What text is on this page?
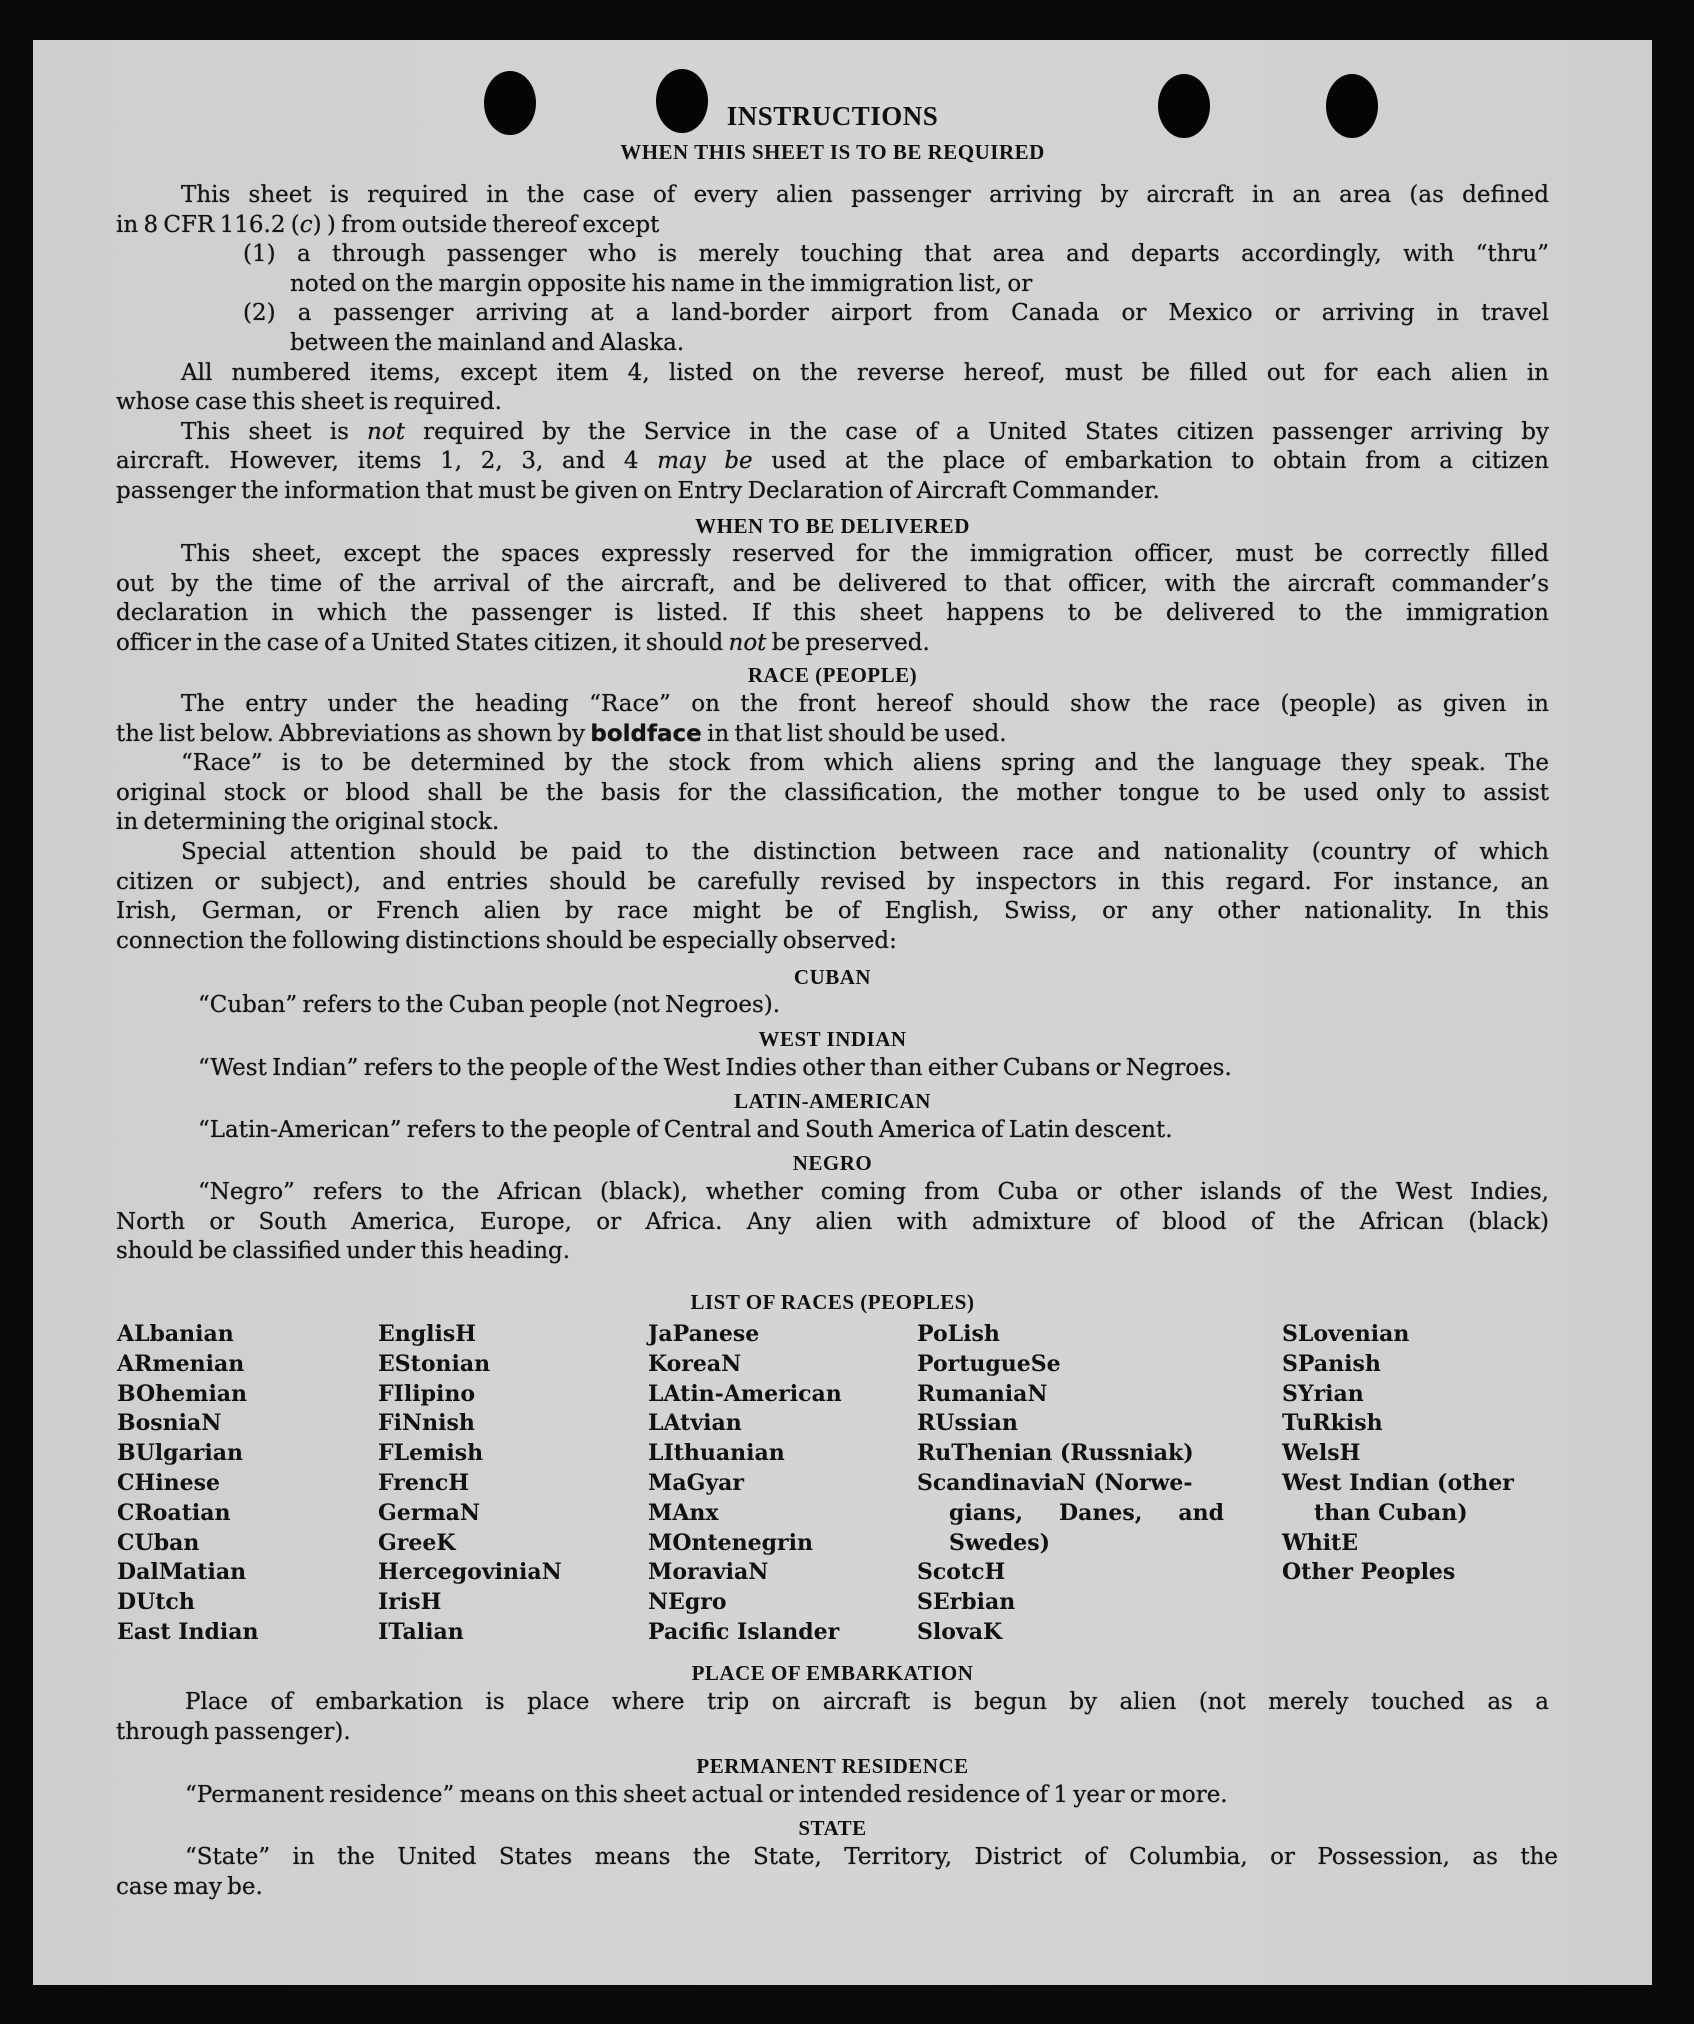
INSTRUCTIONS
WHEN THIS SHEET IS TO BE REQUIRED
This sheet is required in the case of every alien passenger arriving by aircraft in an area (as defined
in 8 CFR 116.2 (c) ) from outside thereof except
(1) a through passenger who is merely touching that area and departs accordingly, with “thru”
noted on the margin opposite his name in the immigration list, or
(2) a passenger arriving at a land-border airport from Canada or Mexico or arriving in travel
between the mainland and Alaska.
All numbered items, except item 4, listed on the reverse hereof, must be filled out for each alien in
whose case this sheet is required.
This sheet is not required by the Service in the case of a United States citizen passenger arriving by
aircraft. However, items 1, 2, 3, and 4 may be used at the place of embarkation to obtain from a citizen
passenger the information that must be given on Entry Declaration of Aircraft Commander.
WHEN TO BE DELIVERED
This sheet, except the spaces expressly reserved for the immigration officer, must be correctly filled
out by the time of the arrival of the aircraft, and be delivered to that officer, with the aircraft commander’s
declaration in which the passenger is listed. If this sheet happens to be delivered to the immigration
officer in the case of a United States citizen, it should not be preserved.
RACE (PEOPLE)
The entry under the heading “Race” on the front hereof should show the race (people) as given in
the list below. Abbreviations as shown by boldface in that list should be used.
“Race” is to be determined by the stock from which aliens spring and the language they speak. The
original stock or blood shall be the basis for the classification, the mother tongue to be used only to assist
in determining the original stock.
Special attention should be paid to the distinction between race and nationality (country of which
citizen or subject), and entries should be carefully revised by inspectors in this regard. For instance, an
Irish, German, or French alien by race might be of English, Swiss, or any other nationality. In this
connection the following distinctions should be especially observed:
CUBAN
“Cuban” refers to the Cuban people (not Negroes).
WEST INDIAN
“West Indian” refers to the people of the West Indies other than either Cubans or Negroes.
LATIN-AMERICAN
“Latin-American” refers to the people of Central and South America of Latin descent.
NEGRO
“Negro” refers to the African (black), whether coming from Cuba or other islands of the West Indies,
North or South America, Europe, or Africa. Any alien with admixture of blood of the African (black)
should be classified under this heading.
PLACE OF EMBARKATION
Place of embarkation is place where trip on aircraft is begun by alien (not merely touched as a
through passenger).
PERMANENT RESIDENCE
“Permanent residence” means on this sheet actual or intended residence of 1 year or more.
STATE
“State” in the United States means the State, Territory, District of Columbia, or Possession, as the
case may be.
LIST OF RACES (PEOPLES)
ALbanian
ARmenian
BOhemian
BosniaN
BUlgarian
CHinese
CRoatian
CUban
DalMatian
DUtch
East Indian
EnglisH
EStonian
FIlipino
FiNnish
FLemish
FrencH
GermaN
GreeK
HercegoviniaN
IrisH
ITalian
JaPanese
KoreaN
LAtin-American
LAtvian
LIthuanian
MaGyar
MAnx
MOntenegrin
MoraviaN
NEgro
Pacific Islander
PoLish
PortugueSe
RumaniaN
RUssian
RuThenian (Russniak)
ScandinaviaN (Norwe-
gians, Danes, and
Swedes)
ScotcH
SErbian
SlovaK
SLovenian
SPanish
SYrian
TuRkish
WelsH
West Indian (other
than Cuban)
WhitE
Other Peoples
